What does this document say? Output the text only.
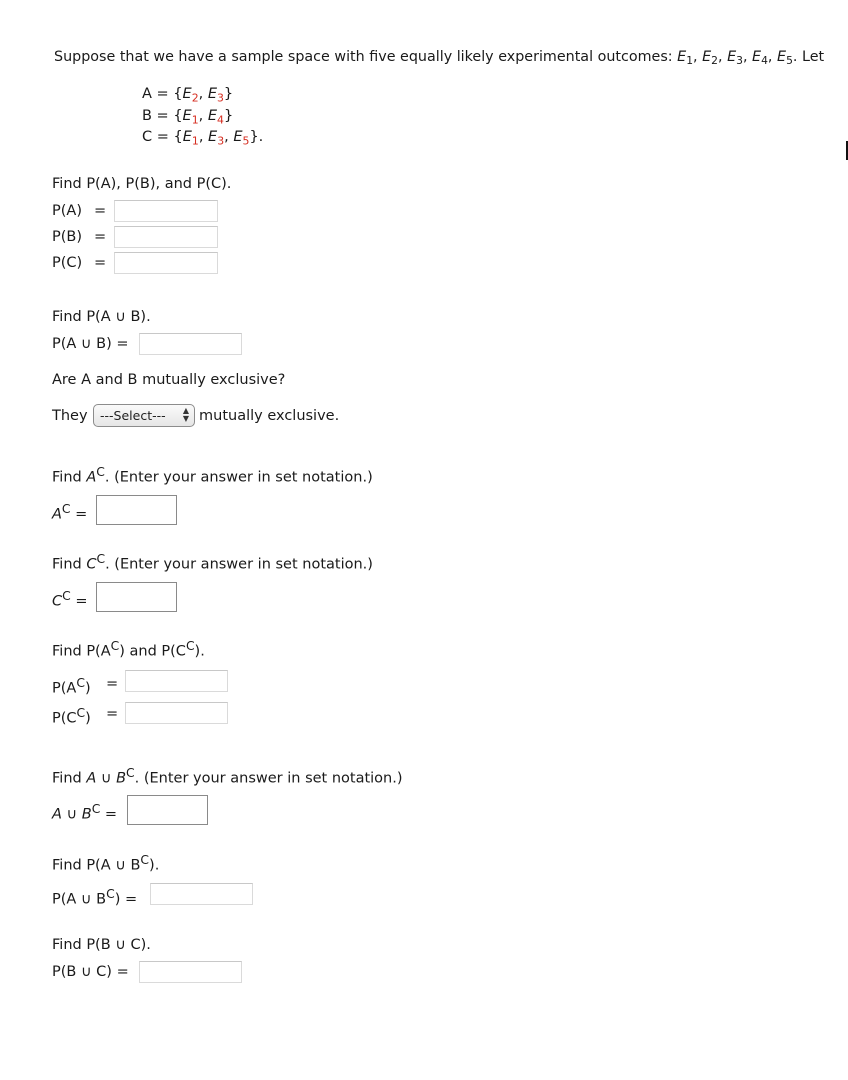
Suppose that we have a sample space with five equally likely experimental outcomes: $E_1$, $E_2$, $E_3$, $E_4$, $E_5$. Let
$A = \{E_2$, $E_3$}
$B = \{E_1$, $E_4$}
$C = \{E_1$, $E_3$, $E_5$}.
Find P(A), P(B), and P(C).
P(A) =
P(B) =
P(C) =
Find P(A ∪ B).
P(A ∪ B) =
Are A and B mutually exclusive?
They ---Select--- ▲
▼ mutually exclusive.
Find $A^C$. (Enter your answer in set notation.)
$A^C$ =
Find $C^C$. (Enter your answer in set notation.)
$C^C$ =
Find $P(A^C)$ and $P(C^C)$.
$P(A^C)$ =
$P(C^C)$ =
Find A ∪ $B^C$. (Enter your answer in set notation.)
A ∪ $B^C$ =
Find P(A ∪ $B^C$).
P(A ∪ $B^C$) =
Find P(B ∪ C).
P(B ∪ C) =
